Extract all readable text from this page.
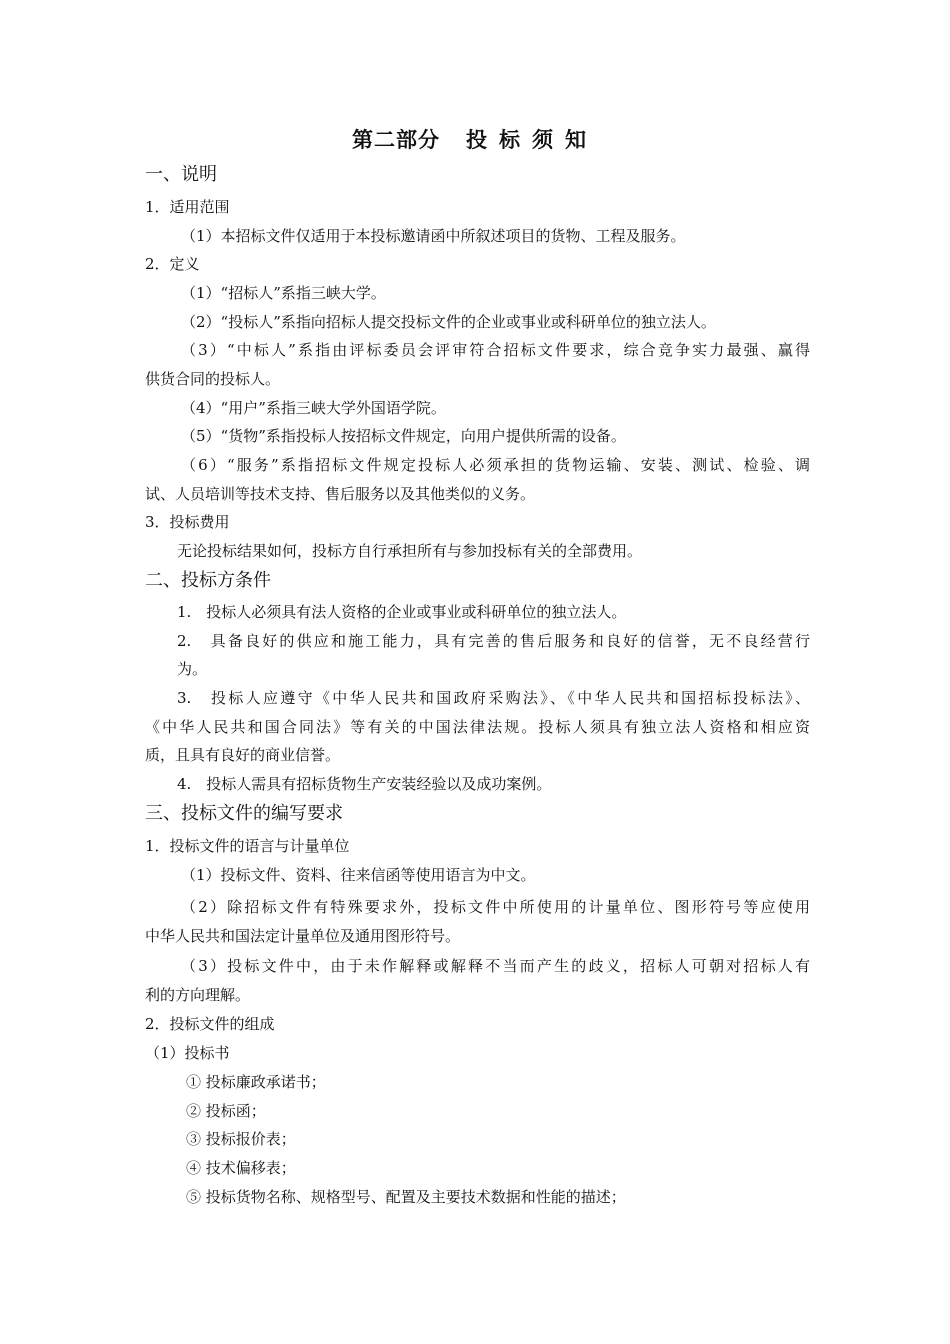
第二部分 投标须知
一、说明
1．适用范围
（1）本招标文件仅适用于本投标邀请函中所叙述项目的货物、工程及服务。
2．定义
（1）“招标人”系指三峡大学。
（2）“投标人”系指向招标人提交投标文件的企业或事业或科研单位的独立法人。
（3）“中标人”系指由评标委员会评审符合招标文件要求，综合竞争实力最强、赢得
供货合同的投标人。
（4）“用户”系指三峡大学外国语学院。
（5）“货物”系指投标人按招标文件规定，向用户提供所需的设备。
（6）“服务”系指招标文件规定投标人必须承担的货物运输、安装、测试、检验、调
试、人员培训等技术支持、售后服务以及其他类似的义务。
3．投标费用
无论投标结果如何，投标方自行承担所有与参加投标有关的全部费用。
二、投标方条件
1.　投标人必须具有法人资格的企业或事业或科研单位的独立法人。
2.　具备良好的供应和施工能力，具有完善的售后服务和良好的信誉，无不良经营行
为。
3.　投标人应遵守《中华人民共和国政府采购法》、《中华人民共和国招标投标法》、
《中华人民共和国合同法》等有关的中国法律法规。投标人须具有独立法人资格和相应资
质，且具有良好的商业信誉。
4.　投标人需具有招标货物生产安装经验以及成功案例。
三、投标文件的编写要求
1．投标文件的语言与计量单位
（1）投标文件、资料、往来信函等使用语言为中文。
（2）除招标文件有特殊要求外，投标文件中所使用的计量单位、图形符号等应使用
中华人民共和国法定计量单位及通用图形符号。
（3）投标文件中，由于未作解释或解释不当而产生的歧义，招标人可朝对招标人有
利的方向理解。
2．投标文件的组成
（1）投标书
① 投标廉政承诺书；
② 投标函；
③ 投标报价表；
④ 技术偏移表；
⑤ 投标货物名称、规格型号、配置及主要技术数据和性能的描述；
